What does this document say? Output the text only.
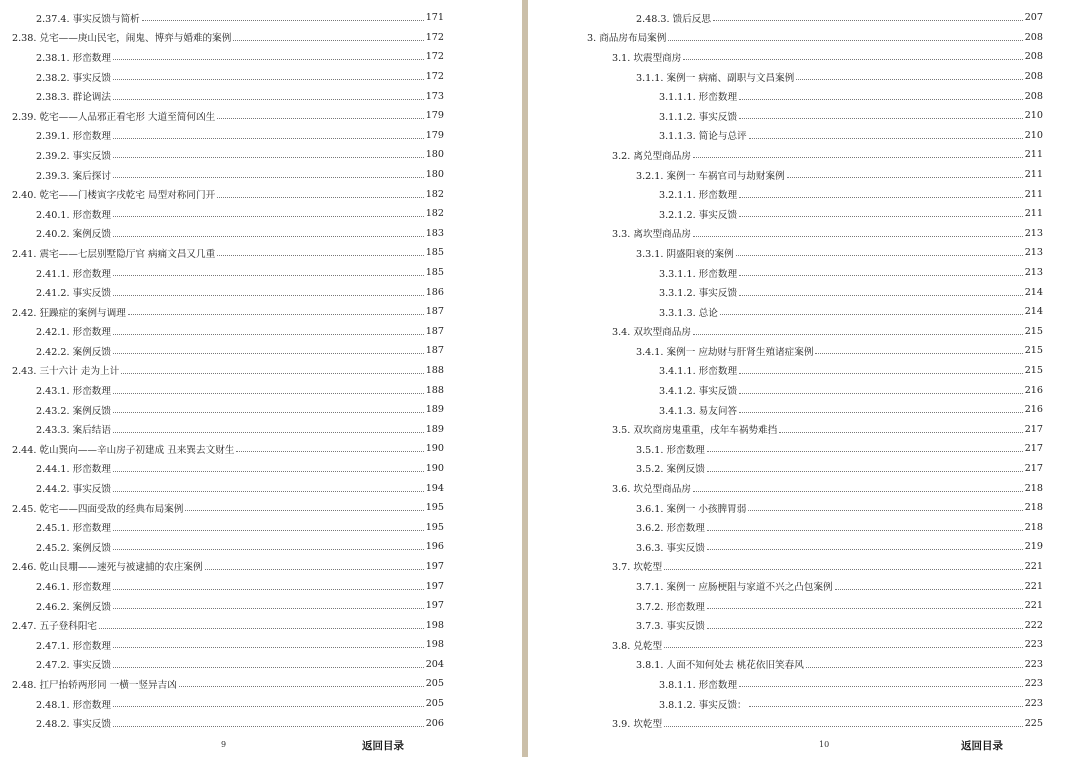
2.37.4. 事实反馈与简析	171
2.38. 兑宅——庚山民宅，闹鬼、博弈与婚难的案例	172
2.38.1. 形峦数理	172
2.38.2. 事实反馈	172
2.38.3. 群论调法	173
2.39. 乾宅——人品邪正看宅形 大道至简何凶生	179
2.39.1. 形峦数理	179
2.39.2. 事实反馈	180
2.39.3. 案后探讨	180
2.40. 乾宅——门楼寅字戌乾宅 局型对称同门开	182
2.40.1. 形峦数理	182
2.40.2. 案例反馈	183
2.41. 震宅——七层别墅隐厅官 病痛文昌又几重	185
2.41.1. 形峦数理	185
2.41.2. 事实反馈	186
2.42. 狂躁症的案例与调理	187
2.42.1. 形峦数理	187
2.42.2. 案例反馈	187
2.43. 三十六计 走为上计	188
2.43.1. 形峦数理	188
2.43.2. 案例反馈	189
2.43.3. 案后结语	189
2.44. 乾山巽向——辛山房子初建成 丑来巽去文财生	190
2.44.1. 形峦数理	190
2.44.2. 事实反馈	194
2.45. 乾宅——四面受敌的经典布局案例	195
2.45.1. 形峦数理	195
2.45.2. 案例反馈	196
2.46. 乾山艮堋——速死与被逮捕的农庄案例	197
2.46.1. 形峦数理	197
2.46.2. 案例反馈	197
2.47. 五子登科阳宅	198
2.47.1. 形峦数理	198
2.47.2. 事实反馈	204
2.48. 扛尸抬轿两形同 一横一竖异吉凶	205
2.48.1. 形峦数理	205
2.48.2. 事实反馈	206
9	返回目录
2.48.3. 馈后反思	207
3. 商品房布局案例	208
3.1. 坎震型商房	208
3.1.1. 案例一 病痛、副职与文昌案例	208
3.1.1.1. 形峦数理	208
3.1.1.2. 事实反馈	210
3.1.1.3. 简论与总评	210
3.2. 离兑型商品房	211
3.2.1. 案例一 车祸官司与劫财案例	211
3.2.1.1. 形峦数理	211
3.2.1.2. 事实反馈	211
3.3. 离坎型商品房	213
3.3.1. 阴盛阳衰的案例	213
3.3.1.1. 形峦数理	213
3.3.1.2. 事实反馈	214
3.3.1.3. 总论	214
3.4. 双坎型商品房	215
3.4.1. 案例一 应劫财与肝肾生殖诸症案例	215
3.4.1.1. 形峦数理	215
3.4.1.2. 事实反馈	216
3.4.1.3. 易友问答	216
3.5. 双坎商房鬼重重，戌年车祸势难挡	217
3.5.1. 形峦数理	217
3.5.2. 案例反馈	217
3.6. 坎兑型商品房	218
3.6.1. 案例一 小孩脾胃弱	218
3.6.2. 形峦数理	218
3.6.3. 事实反馈	219
3.7. 坎乾型	221
3.7.1. 案例一 应肠梗阻与家道不兴之凸包案例	221
3.7.2. 形峦数理	221
3.7.3. 事实反馈	222
3.8. 兑乾型	223
3.8.1. 人面不知何处去 桃花依旧笑春风	223
3.8.1.1. 形峦数理	223
3.8.1.2. 事实反馈：	223
3.9. 坎乾型	225
10	返回目录
